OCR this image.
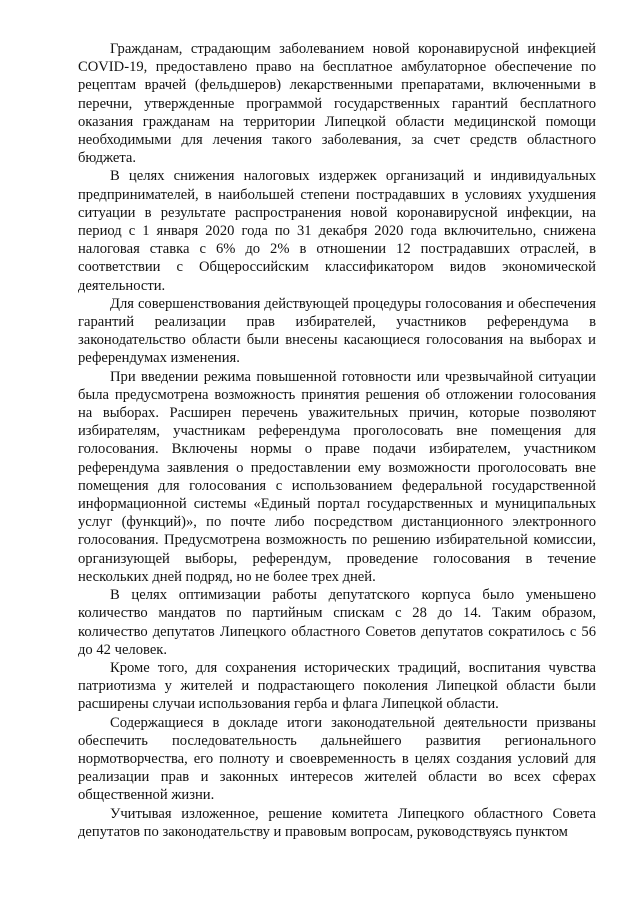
Гражданам, страдающим заболеванием новой коронавирусной инфекцией COVID-19, предоставлено право на бесплатное амбулаторное обеспечение по рецептам врачей (фельдшеров) лекарственными препаратами, включенными в перечни, утвержденные программой государственных гарантий бесплатного оказания гражданам на территории Липецкой области медицинской помощи необходимыми для лечения такого заболевания, за счет средств областного бюджета.

В целях снижения налоговых издержек организаций и индивидуальных предпринимателей, в наибольшей степени пострадавших в условиях ухудшения ситуации в результате распространения новой коронавирусной инфекции, на период с 1 января 2020 года по 31 декабря 2020 года включительно, снижена налоговая ставка с 6% до 2% в отношении 12 пострадавших отраслей, в соответствии с Общероссийским классификатором видов экономической деятельности.

Для совершенствования действующей процедуры голосования и обеспечения гарантий реализации прав избирателей, участников референдума в законодательство области были внесены касающиеся голосования на выборах и референдумах изменения.

При введении режима повышенной готовности или чрезвычайной ситуации была предусмотрена возможность принятия решения об отложении голосования на выборах. Расширен перечень уважительных причин, которые позволяют избирателям, участникам референдума проголосовать вне помещения для голосования. Включены нормы о праве подачи избирателем, участником референдума заявления о предоставлении ему возможности проголосовать вне помещения для голосования с использованием федеральной государственной информационной системы «Единый портал государственных и муниципальных услуг (функций)», по почте либо посредством дистанционного электронного голосования. Предусмотрена возможность по решению избирательной комиссии, организующей выборы, референдум, проведение голосования в течение нескольких дней подряд, но не более трех дней.

В целях оптимизации работы депутатского корпуса было уменьшено количество мандатов по партийным спискам с 28 до 14. Таким образом, количество депутатов Липецкого областного Советов депутатов сократилось с 56 до 42 человек.

Кроме того, для сохранения исторических традиций, воспитания чувства патриотизма у жителей и подрастающего поколения Липецкой области были расширены случаи использования герба и флага Липецкой области.

Содержащиеся в докладе итоги законодательной деятельности призваны обеспечить последовательность дальнейшего развития регионального нормотворчества, его полноту и своевременность в целях создания условий для реализации прав и законных интересов жителей области во всех сферах общественной жизни.

Учитывая изложенное, решение комитета Липецкого областного Совета депутатов по законодательству и правовым вопросам, руководствуясь пунктом
